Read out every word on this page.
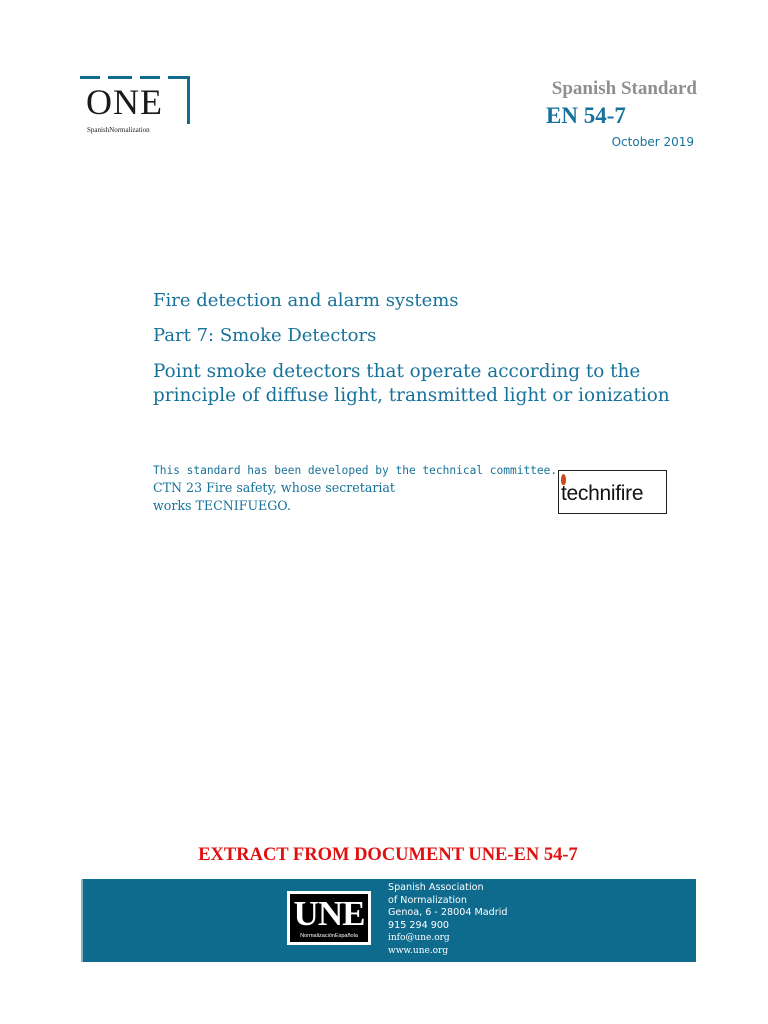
ONE
SpanishNormalization
Spanish Standard
EN 54-7
October 2019

Fire detection and alarm systems

Part 7: Smoke Detectors

Point smoke detectors that operate according to the

principle of diffuse light, transmitted light or ionization

This standard has been developed by the technical committee.
CTN 23 Fire safety, whose secretariat
works TECNIFUEGO.
technifire
EXTRACT FROM DOCUMENT UNE-EN 54-7
UNE
NormalizaciónEspañola
Spanish Association
of Normalization
Genoa, 6 - 28004 Madrid
915 294 900
info@une.org
www.une.org
